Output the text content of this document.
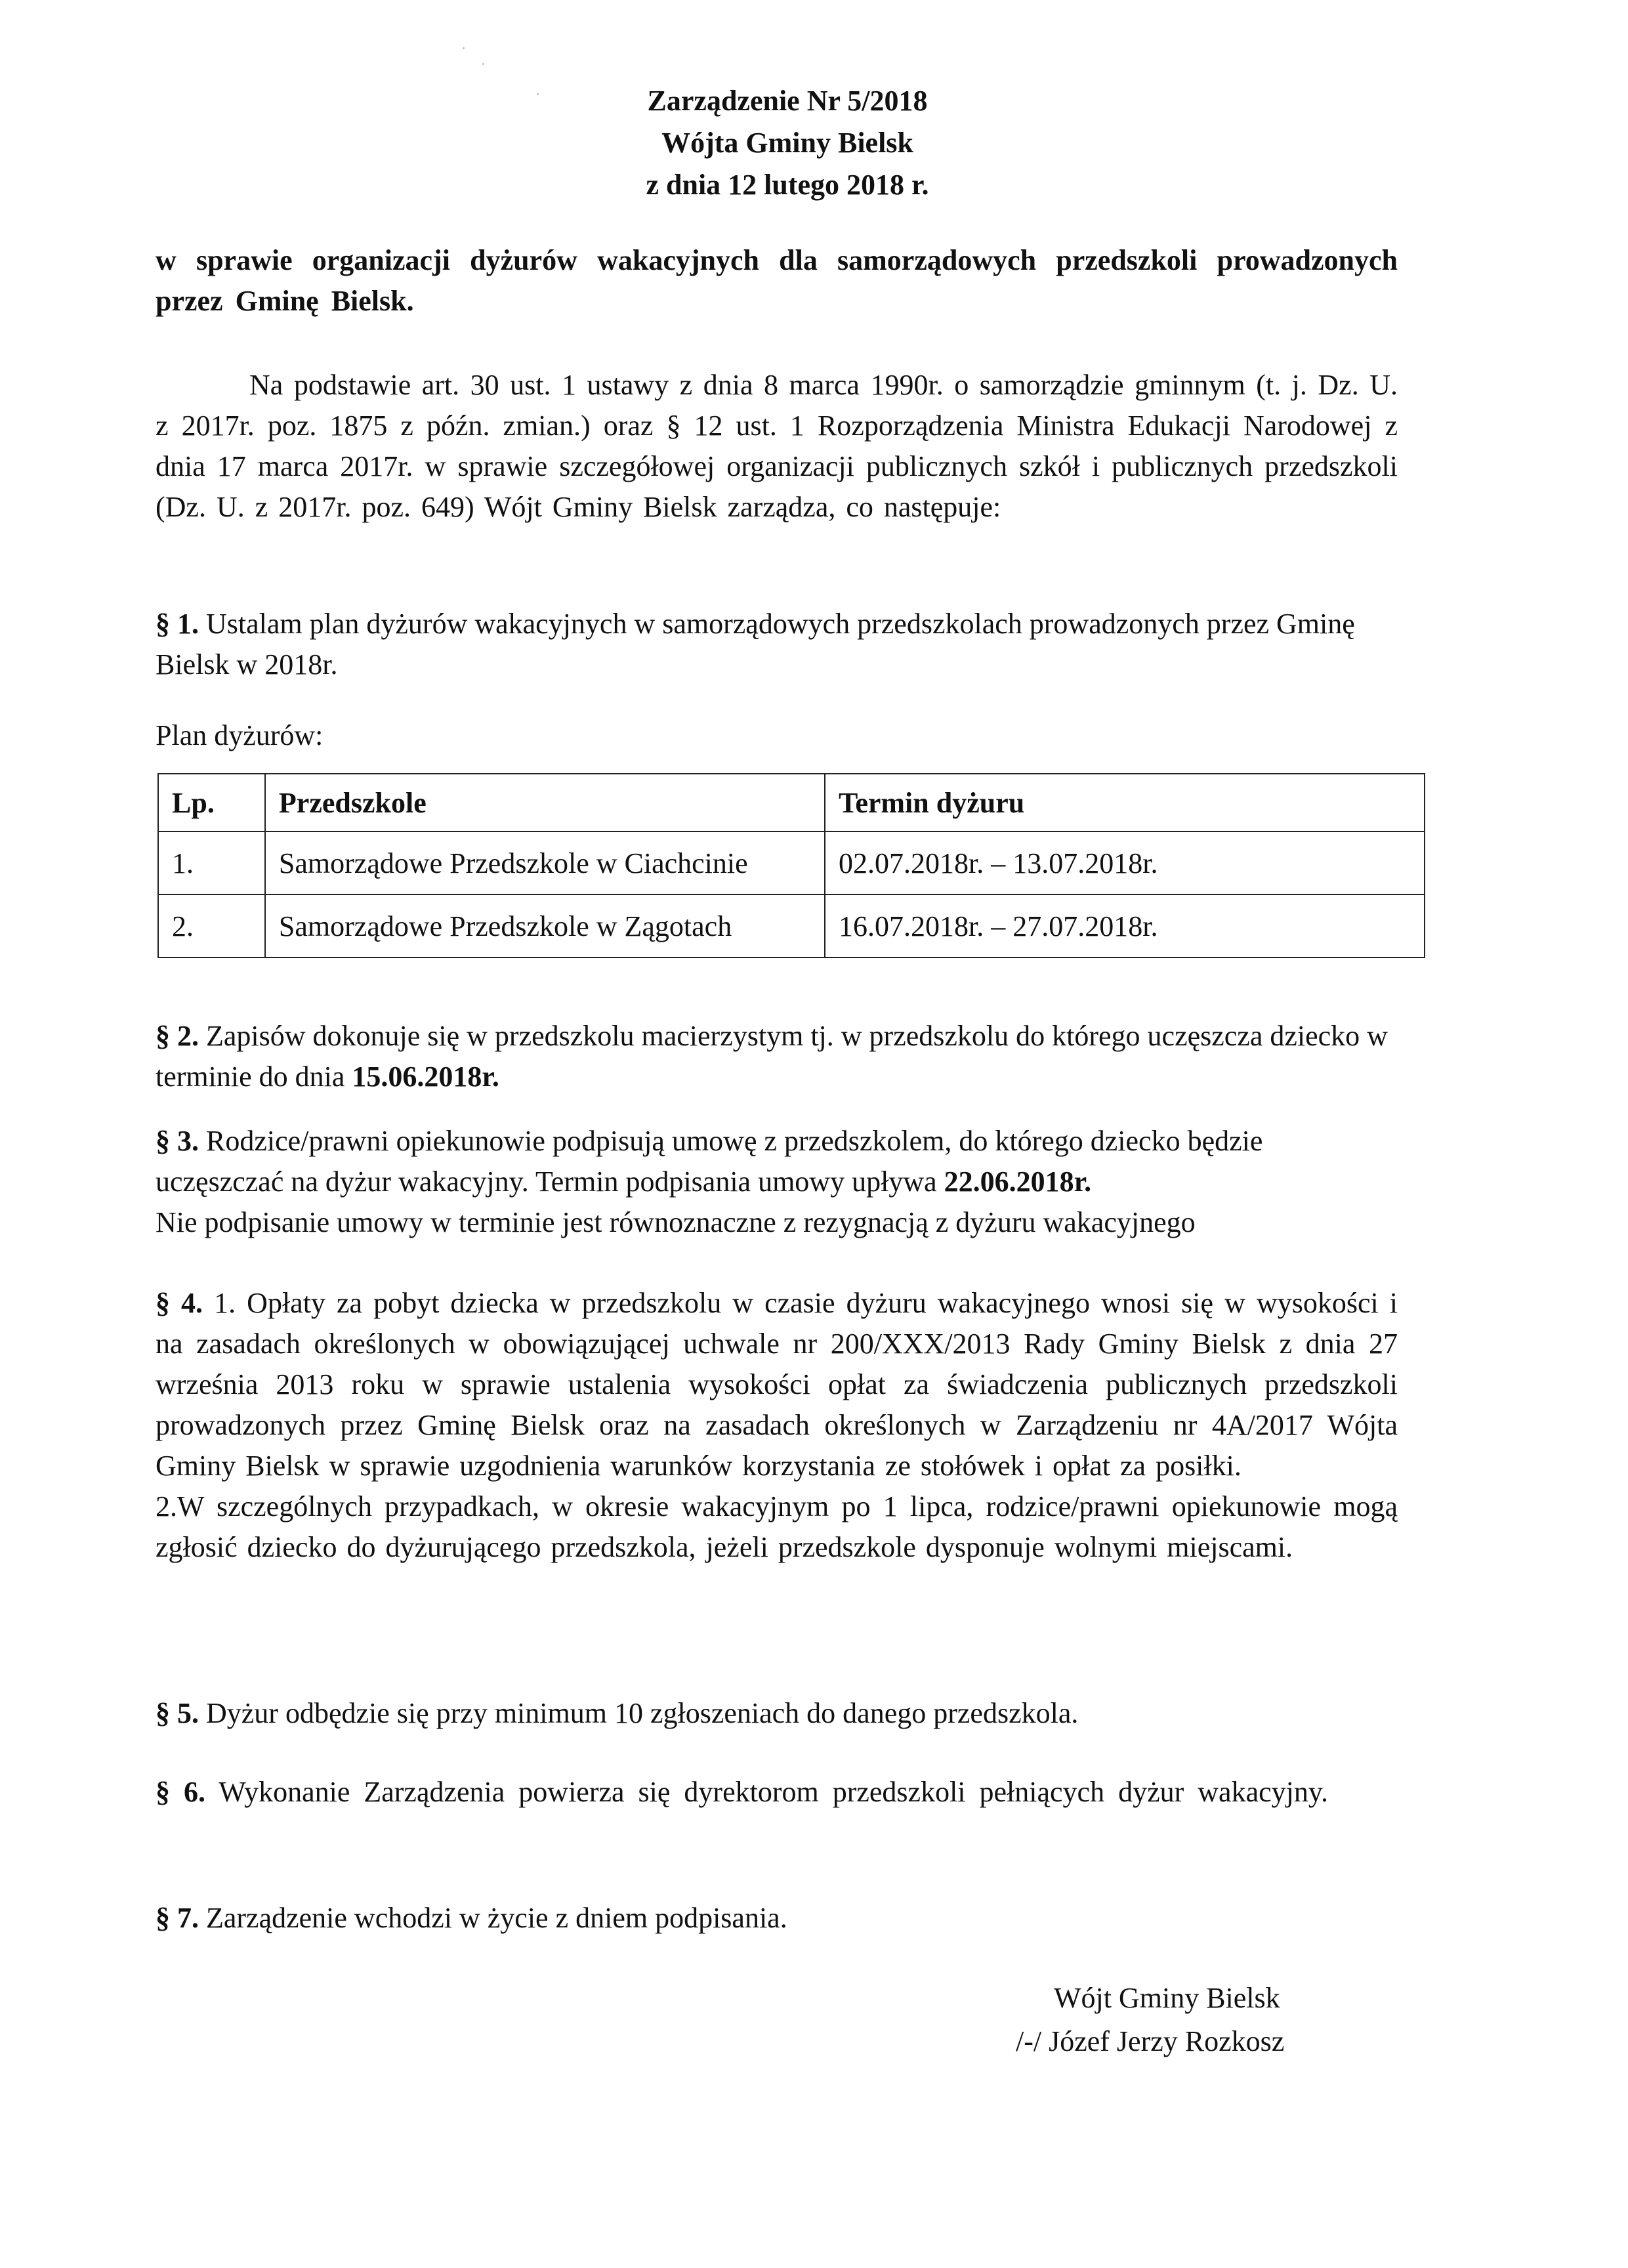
Zarządzenie Nr 5/2018
Wójta Gminy Bielsk
z dnia 12 lutego 2018 r.
w sprawie organizacji dyżurów wakacyjnych dla samorządowych przedszkoli prowadzonych przez Gminę Bielsk.
Na podstawie art. 30 ust. 1 ustawy z dnia 8 marca 1990r. o samorządzie gminnym (t. j. Dz. U. z 2017r. poz. 1875 z późn. zmian.) oraz § 12 ust. 1 Rozporządzenia Ministra Edukacji Narodowej z dnia 17 marca 2017r. w sprawie szczegółowej organizacji publicznych szkół i publicznych przedszkoli (Dz. U. z 2017r. poz. 649) Wójt Gminy Bielsk zarządza, co następuje:
§ 1. Ustalam plan dyżurów wakacyjnych w samorządowych przedszkolach prowadzonych przez Gminę Bielsk w 2018r.
Plan dyżurów:
Lp.	Przedszkole	Termin dyżuru
1.	Samorządowe Przedszkole w Ciachcinie	02.07.2018r. – 13.07.2018r.
2.	Samorządowe Przedszkole w Zągotach	16.07.2018r. – 27.07.2018r.
§ 2. Zapisów dokonuje się w przedszkolu macierzystym tj. w przedszkolu do którego uczęszcza dziecko w terminie do dnia 15.06.2018r.
§ 3. Rodzice/prawni opiekunowie podpisują umowę z przedszkolem, do którego dziecko będzie uczęszczać na dyżur wakacyjny. Termin podpisania umowy upływa 22.06.2018r.
Nie podpisanie umowy w terminie jest równoznaczne z rezygnacją z dyżuru wakacyjnego
§ 4. 1. Opłaty za pobyt dziecka w przedszkolu w czasie dyżuru wakacyjnego wnosi się w wysokości i na zasadach określonych w obowiązującej uchwale nr 200/XXX/2013 Rady Gminy Bielsk z dnia 27 września 2013 roku w sprawie ustalenia wysokości opłat za świadczenia publicznych przedszkoli prowadzonych przez Gminę Bielsk oraz na zasadach określonych w Zarządzeniu nr 4A/2017 Wójta Gminy Bielsk w sprawie uzgodnienia warunków korzystania ze stołówek i opłat za posiłki.
2.W szczególnych przypadkach, w okresie wakacyjnym po 1 lipca, rodzice/prawni opiekunowie mogą zgłosić dziecko do dyżurującego przedszkola, jeżeli przedszkole dysponuje wolnymi miejscami.
§ 5. Dyżur odbędzie się przy minimum 10 zgłoszeniach do danego przedszkola.
§ 6. Wykonanie Zarządzenia powierza się dyrektorom przedszkoli pełniących dyżur wakacyjny.
§ 7. Zarządzenie wchodzi w życie z dniem podpisania.
Wójt Gminy Bielsk
/-/ Józef Jerzy Rozkosz
